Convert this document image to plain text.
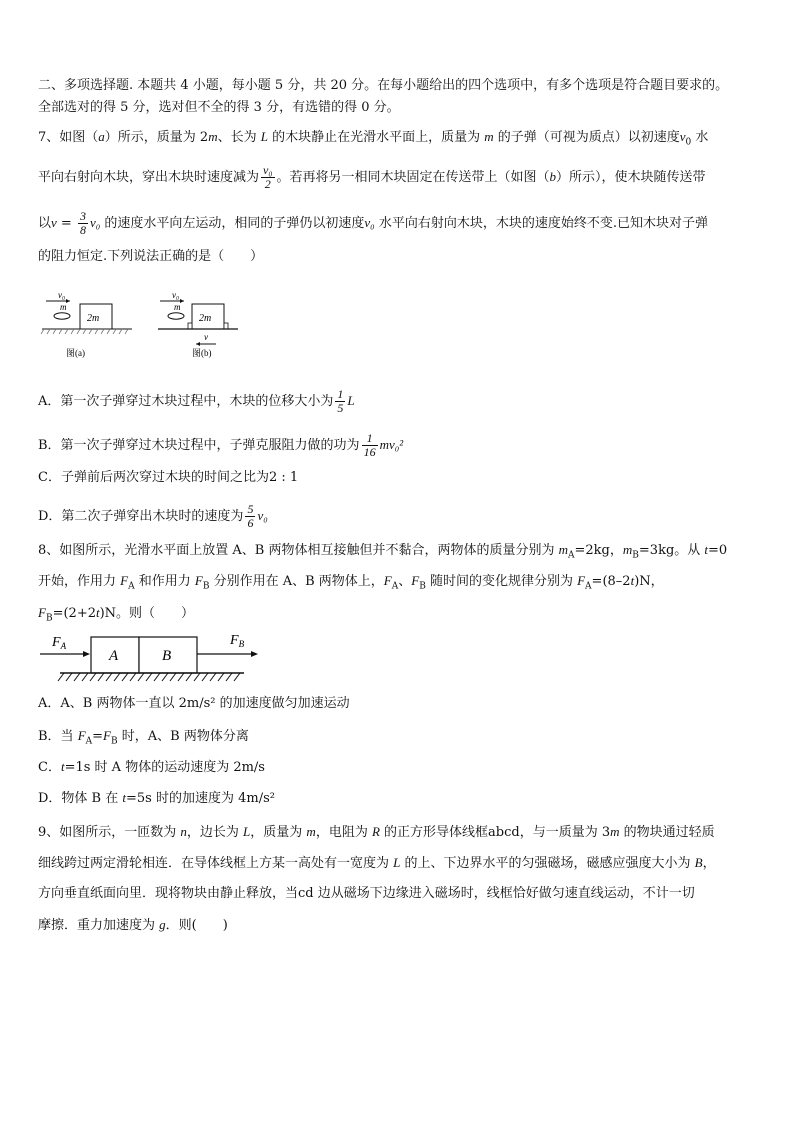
二、多项选择题. 本题共 4 小题，每小题 5 分，共 20 分。在每小题给出的四个选项中，有多个选项是符合题目要求的。
全部选对的得 5 分，选对但不全的得 3 分，有选错的得 0 分。
7、如图（a）所示，质量为 2m、长为 L 的木块静止在光滑水平面上，质量为 m 的子弹（可视为质点）以初速度$v_0$ 水
平向右射向木块，穿出木块时速度减为 $\frac{\text{v₀}}{2}$ 。若再将另一相同木块固定在传送带上（如图（b）所示），使木块随传送带
以$v = \frac{3}{8} v_0$ 的速度水平向左运动，相同的子弹仍以初速度v₀ 水平向右射向木块，木块的速度始终不变.已知木块对子弹
的阻力恒定.下列说法正确的是（　　）
v₀
m
2m
图(a)
v₀
m
2m
v
图(b)
A．第一次子弹穿过木块过程中，木块的位移大小为 $\frac{1}{5}$ L
B．第一次子弹穿过木块过程中，子弹克服阻力做的功为 $\frac{1}{16} mv_0^2$
C．子弹前后两次穿过木块的时间之比为2 : 1
D．第二次子弹穿出木块时的速度为 $\frac{5}{6} v_0$
8、如图所示，光滑水平面上放置 A、B 两物体相互接触但并不黏合，两物体的质量分别为 $m_A=2kg$，$m_B=3kg$。从 t=0
开始，作用力 $F_A$ 和作用力 $F_B$ 分别作用在 A、B 两物体上，$F_A$、$F_B$ 随时间的变化规律分别为 $F_A=(8-2t)N$，
$F_B=(2+2t)N$。则（　　）
$F_A$
A	B
$F_B$
A．A、B 两物体一直以 2m/s² 的加速度做匀加速运动
B．当 $F_A=F_B$ 时，A、B 两物体分离
C．t=1s 时 A 物体的运动速度为 2m/s
D．物体 B 在 t=5s 时的加速度为 4m/s²
9、如图所示，一匝数为 n，边长为 L，质量为 m，电阻为 R 的正方形导体线框abcd，与一质量为 3m 的物块通过轻质
细线跨过两定滑轮相连．在导体线框上方某一高处有一宽度为 L 的上、下边界水平的匀强磁场，磁感应强度大小为 B，
方向垂直纸面向里．现将物块由静止释放，当cd 边从磁场下边缘进入磁场时，线框恰好做匀速直线运动，不计一切
摩擦．重力加速度为 g．则(　　)
